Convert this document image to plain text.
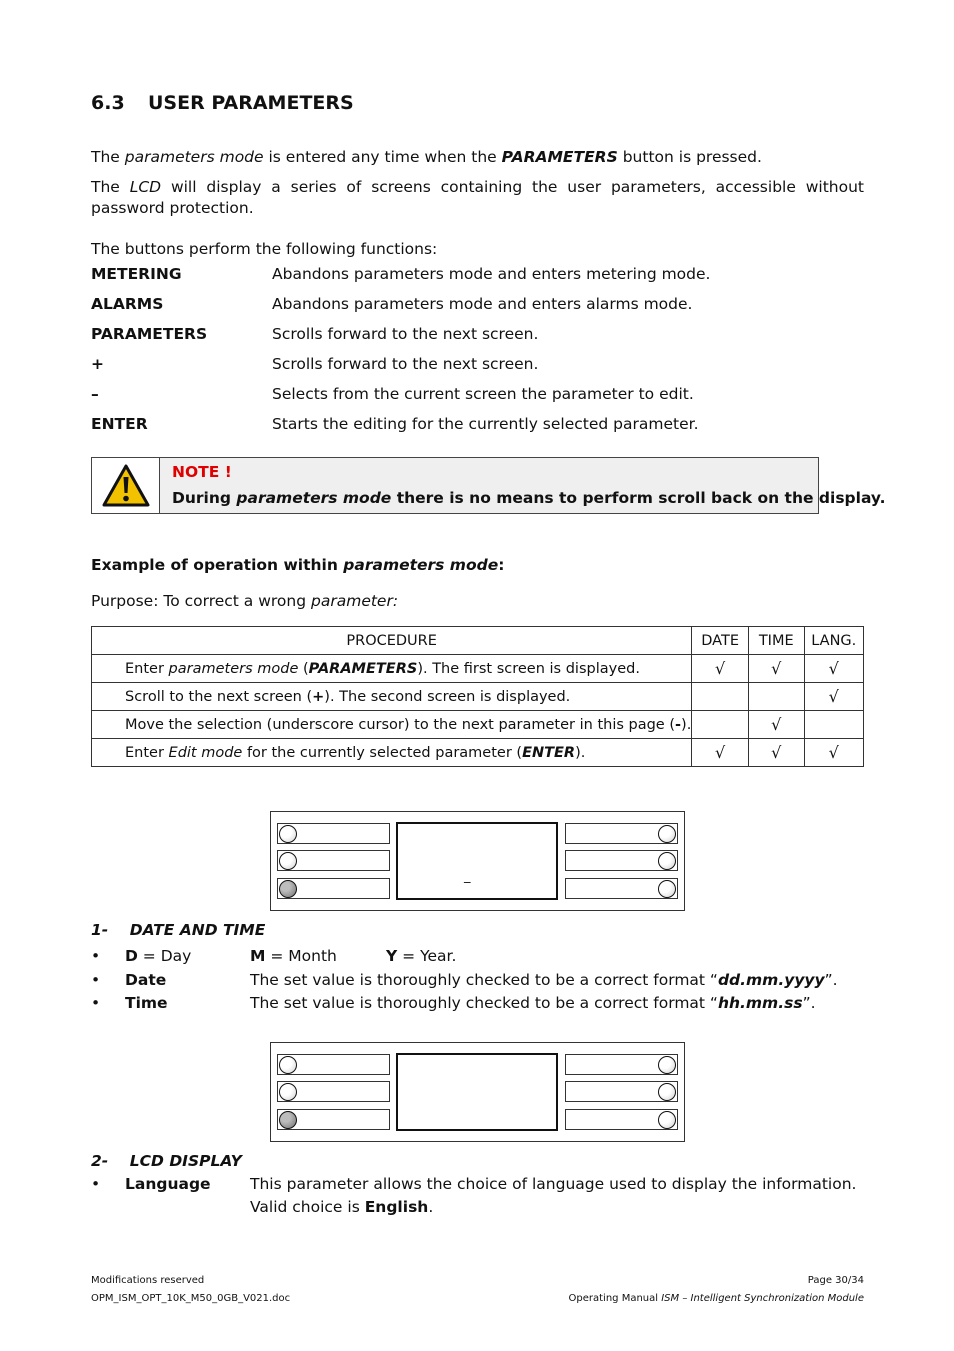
6.3 USER PARAMETERS
The parameters mode is entered any time when the PARAMETERS button is pressed.
The LCD will display a series of screens containing the user parameters, accessible without password protection.
The buttons perform the following functions:
METERING	Abandons parameters mode and enters metering mode.
ALARMS	Abandons parameters mode and enters alarms mode.
PARAMETERS	Scrolls forward to the next screen.
+	Scrolls forward to the next screen.
–	Selects from the current screen the parameter to edit.
ENTER	Starts the editing for the currently selected parameter.
NOTE !
During parameters mode there is no means to perform scroll back on the display.
Example of operation within parameters mode:
Purpose: To correct a wrong parameter:
PROCEDURE	DATE	TIME	LANG.
Enter parameters mode (PARAMETERS). The first screen is displayed.	√	√	√
Scroll to the next screen (+). The second screen is displayed.			√
Move the selection (underscore cursor) to the next parameter in this page (-).		√	
Enter Edit mode for the currently selected parameter (ENTER).	√	√	√
_
1-    DATE AND TIME
• D = Day	M = Month	Y = Year.
• Date	The set value is thoroughly checked to be a correct format “dd.mm.yyyy”.
• Time	The set value is thoroughly checked to be a correct format “hh.mm.ss”.
2-    LCD DISPLAY
• Language	This parameter allows the choice of language used to display the information.
Valid choice is English.
Modifications reserved
OPM_ISM_OPT_10K_M50_0GB_V021.doc
Page 30/34
Operating Manual ISM – Intelligent Synchronization Module
